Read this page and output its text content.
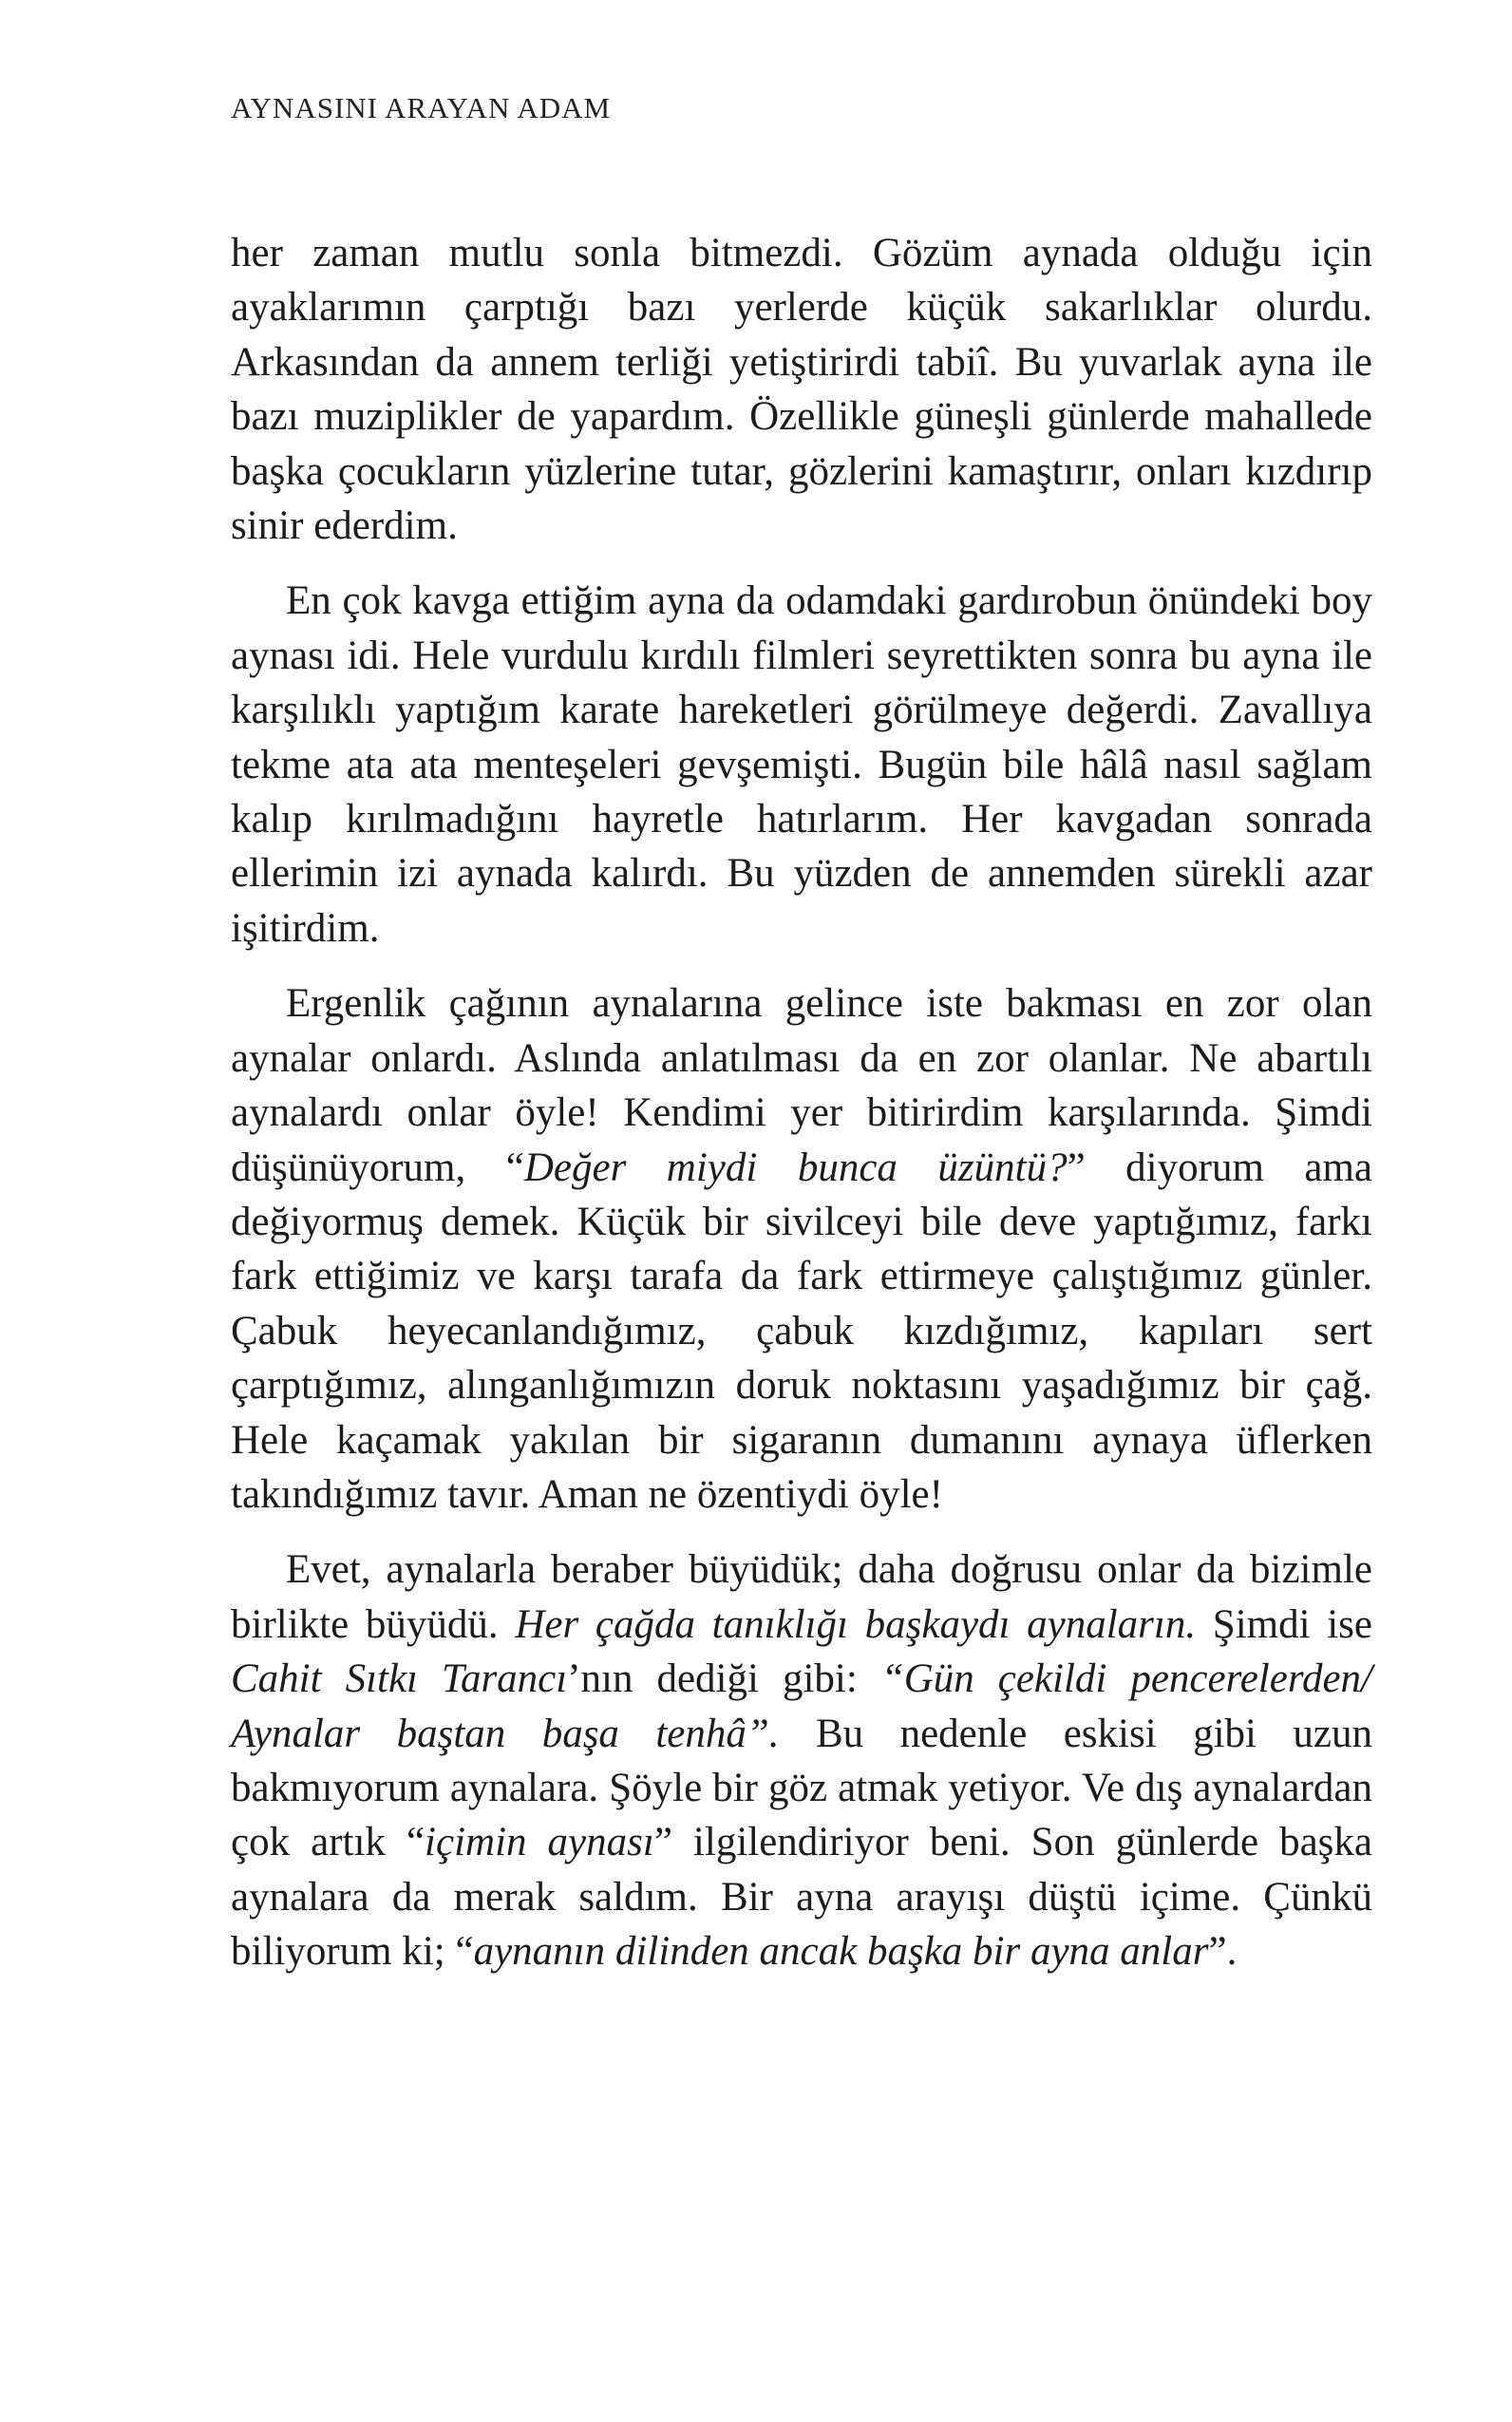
AYNASINI ARAYAN ADAM

her zaman mutlu sonla bitmezdi. Gözüm aynada olduğu için ayaklarımın çarptığı bazı yerlerde küçük sakarlıklar olurdu. Arkasından da annem terliği yetiştirirdi tabiî. Bu yuvarlak ayna ile bazı muziplikler de yapardım. Özellikle güneşli günlerde mahallede başka çocukların yüzlerine tutar, gözlerini kamaştırır, onları kızdırıp sinir ederdim.

En çok kavga ettiğim ayna da odamdaki gardırobun önündeki boy aynası idi. Hele vurdulu kırdılı filmleri seyrettikten sonra bu ayna ile karşılıklı yaptığım karate hareketleri görülmeye değerdi. Zavallıya tekme ata ata menteşeleri gevşemişti. Bugün bile hâlâ nasıl sağlam kalıp kırılmadığını hayretle hatırlarım. Her kavgadan sonrada ellerimin izi aynada kalırdı. Bu yüzden de annemden sürekli azar işitirdim.

Ergenlik çağının aynalarına gelince iste bakması en zor olan aynalar onlardı. Aslında anlatılması da en zor olanlar. Ne abartılı aynalardı onlar öyle! Kendimi yer bitirirdim karşılarında. Şimdi düşünüyorum, “Değer miydi bunca üzüntü?” diyorum ama değiyormuş demek. Küçük bir sivilceyi bile deve yaptığımız, farkı fark ettiğimiz ve karşı tarafa da fark ettirmeye çalıştığımız günler. Çabuk heyecanlandığımız, çabuk kızdığımız, kapıları sert çarptığımız, alınganlığımızın doruk noktasını yaşadığımız bir çağ. Hele kaçamak yakılan bir sigaranın dumanını aynaya üflerken takındığımız tavır. Aman ne özentiydi öyle!

Evet, aynalarla beraber büyüdük; daha doğrusu onlar da bizimle birlikte büyüdü. Her çağda tanıklığı başkaydı aynaların. Şimdi ise Cahit Sıtkı Tarancı’nın dediği gibi: “Gün çekildi pencerelerden/ Aynalar baştan başa tenhâ”. Bu nedenle eskisi gibi uzun bakmıyorum aynalara. Şöyle bir göz atmak yetiyor. Ve dış aynalardan çok artık “içimin aynası” ilgilendiriyor beni. Son günlerde başka aynalara da merak saldım. Bir ayna arayışı düştü içime. Çünkü biliyorum ki; “aynanın dilinden ancak başka bir ayna anlar”.
